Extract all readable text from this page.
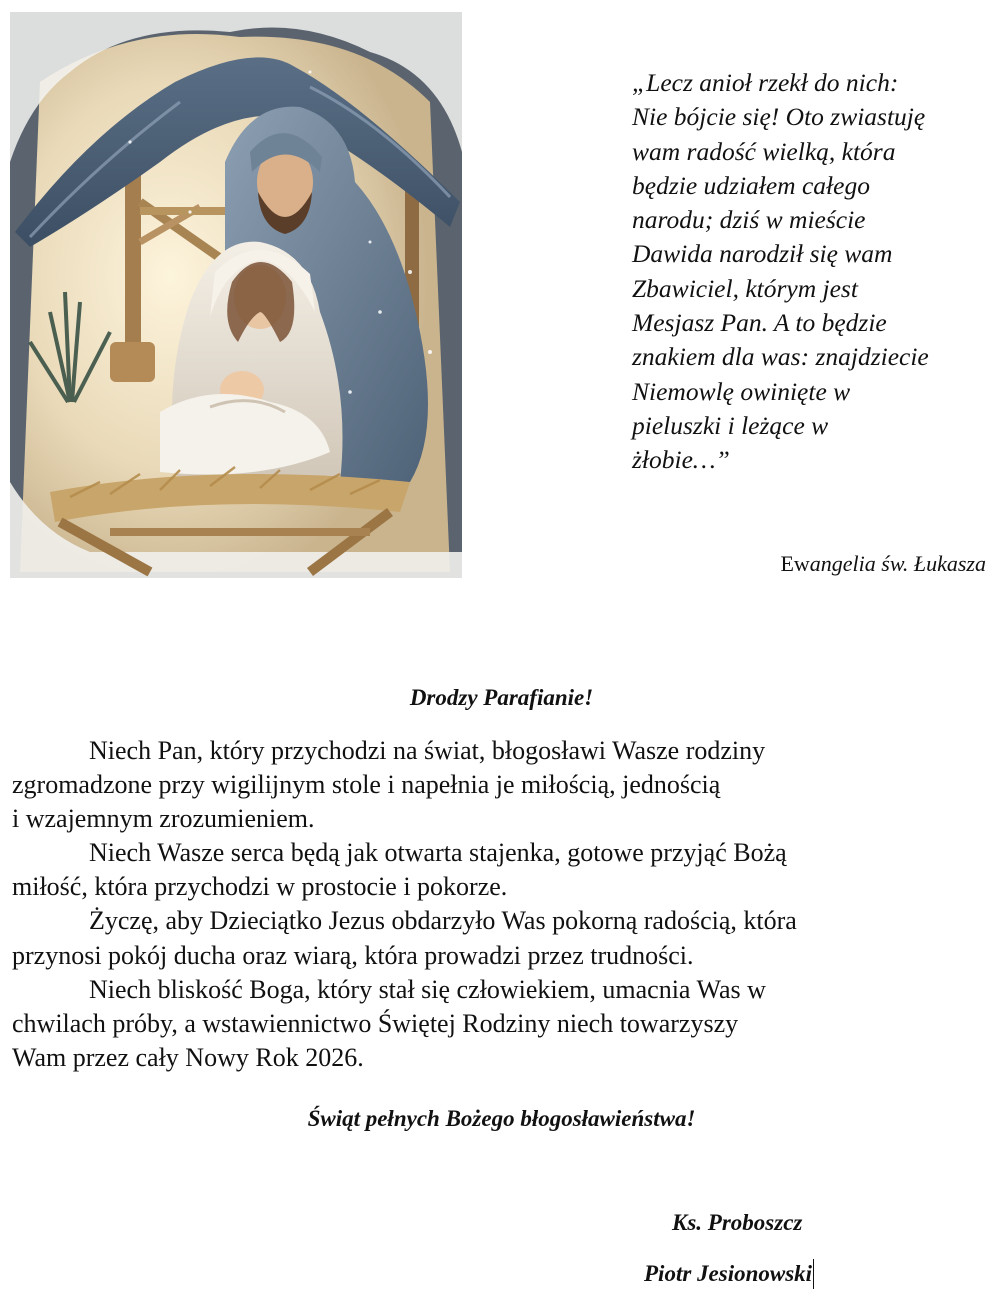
„Lecz anioł rzekł do nich:
Nie bójcie się! Oto zwiastuję
wam radość wielką, która
będzie udziałem całego
narodu; dziś w mieście
Dawida narodził się wam
Zbawiciel, którym jest
Mesjasz Pan. A to będzie
znakiem dla was: znajdziecie
Niemowlę owinięte w
pieluszki i leżące w
żłobie…”

Ewangelia św. Łukasza

Drodzy Parafianie!

Niech Pan, który przychodzi na świat, błogosławi Wasze rodziny
zgromadzone przy wigilijnym stole i napełnia je miłością, jednością
i wzajemnym zrozumieniem.
Niech Wasze serca będą jak otwarta stajenka, gotowe przyjąć Bożą
miłość, która przychodzi w prostocie i pokorze.
Życzę, aby Dzieciątko Jezus obdarzyło Was pokorną radością, która
przynosi pokój ducha oraz wiarą, która prowadzi przez trudności.
Niech bliskość Boga, który stał się człowiekiem, umacnia Was w
chwilach próby, a wstawiennictwo Świętej Rodziny niech towarzyszy
Wam przez cały Nowy Rok 2026.

Świąt pełnych Bożego błogosławieństwa!

Ks. Proboszcz

Piotr Jesionowski
